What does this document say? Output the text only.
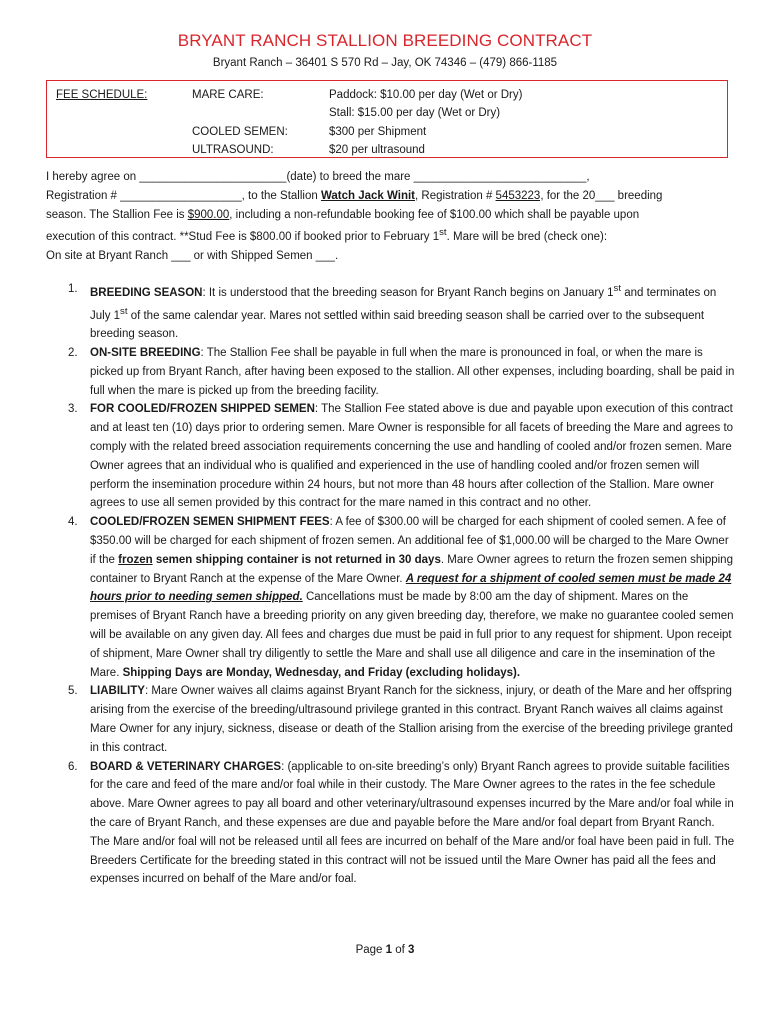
BRYANT RANCH STALLION BREEDING CONTRACT
Bryant Ranch – 36401 S 570 Rd – Jay, OK 74346 – (479) 866-1185
FEE SCHEDULE:	MARE CARE:	Paddock: $10.00 per day (Wet or Dry)
Stall: $15.00 per day (Wet or Dry)
COOLED SEMEN:	$300 per Shipment
ULTRASOUND:	$20 per ultrasound

I hereby agree on _______________________(date) to breed the mare ___________________________,

Registration # ___________________, to the Stallion Watch Jack Winit, Registration # 5453223, for the 20___ breeding

season. The Stallion Fee is $900.00, including a non-refundable booking fee of $100.00 which shall be payable upon

execution of this contract. **Stud Fee is $800.00 if booked prior to February 1st. Mare will be bred (check one):

On site at Bryant Ranch ___ or with Shipped Semen ___.

1. BREEDING SEASON: It is understood that the breeding season for Bryant Ranch begins on January 1st and terminates on July 1st of the same calendar year. Mares not settled within said breeding season shall be carried over to the subsequent breeding season.
2. ON-SITE BREEDING: The Stallion Fee shall be payable in full when the mare is pronounced in foal, or when the mare is picked up from Bryant Ranch, after having been exposed to the stallion. All other expenses, including boarding, shall be paid in full when the mare is picked up from the breeding facility.
3. FOR COOLED/FROZEN SHIPPED SEMEN: The Stallion Fee stated above is due and payable upon execution of this contract and at least ten (10) days prior to ordering semen. Mare Owner is responsible for all facets of breeding the Mare and agrees to comply with the related breed association requirements concerning the use and handling of cooled and/or frozen semen. Mare Owner agrees that an individual who is qualified and experienced in the use of handling cooled and/or frozen semen will perform the insemination procedure within 24 hours, but not more than 48 hours after collection of the Stallion. Mare owner agrees to use all semen provided by this contract for the mare named in this contract and no other.
4. COOLED/FROZEN SEMEN SHIPMENT FEES: A fee of $300.00 will be charged for each shipment of cooled semen. A fee of $350.00 will be charged for each shipment of frozen semen. An additional fee of $1,000.00 will be charged to the Mare Owner if the frozen semen shipping container is not returned in 30 days. Mare Owner agrees to return the frozen semen shipping container to Bryant Ranch at the expense of the Mare Owner. A request for a shipment of cooled semen must be made 24 hours prior to needing semen shipped. Cancellations must be made by 8:00 am the day of shipment. Mares on the premises of Bryant Ranch have a breeding priority on any given breeding day, therefore, we make no guarantee cooled semen will be available on any given day. All fees and charges due must be paid in full prior to any request for shipment. Upon receipt of shipment, Mare Owner shall try diligently to settle the Mare and shall use all diligence and care in the insemination of the Mare. Shipping Days are Monday, Wednesday, and Friday (excluding holidays).
5. LIABILITY: Mare Owner waives all claims against Bryant Ranch for the sickness, injury, or death of the Mare and her offspring arising from the exercise of the breeding/ultrasound privilege granted in this contract. Bryant Ranch waives all claims against Mare Owner for any injury, sickness, disease or death of the Stallion arising from the exercise of the breeding privilege granted in this contract.
6. BOARD & VETERINARY CHARGES: (applicable to on-site breeding’s only) Bryant Ranch agrees to provide suitable facilities for the care and feed of the mare and/or foal while in their custody. The Mare Owner agrees to the rates in the fee schedule above. Mare Owner agrees to pay all board and other veterinary/ultrasound expenses incurred by the Mare and/or foal while in the care of Bryant Ranch, and these expenses are due and payable before the Mare and/or foal depart from Bryant Ranch. The Mare and/or foal will not be released until all fees are incurred on behalf of the Mare and/or foal have been paid in full. The Breeders Certificate for the breeding stated in this contract will not be issued until the Mare Owner has paid all the fees and expenses incurred on behalf of the Mare and/or foal.
Page 1 of 3
